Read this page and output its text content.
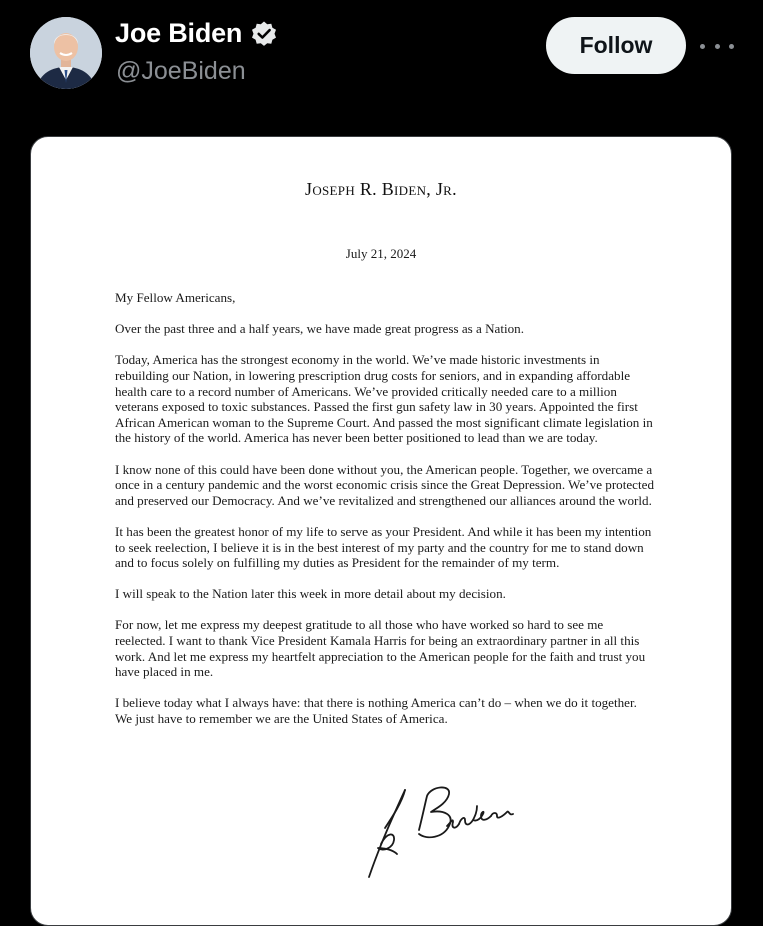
Joe Biden
@JoeBiden
Follow
Joseph R. Biden, Jr.
July 21, 2024

My Fellow Americans,

Over the past three and a half years, we have made great progress as a Nation.

Today, America has the strongest economy in the world. We’ve made historic investments in rebuilding our Nation, in lowering prescription drug costs for seniors, and in expanding affordable health care to a record number of Americans. We’ve provided critically needed care to a million veterans exposed to toxic substances. Passed the first gun safety law in 30 years. Appointed the first African American woman to the Supreme Court. And passed the most significant climate legislation in the history of the world. America has never been better positioned to lead than we are today.

I know none of this could have been done without you, the American people. Together, we overcame a once in a century pandemic and the worst economic crisis since the Great Depression. We’ve protected and preserved our Democracy. And we’ve revitalized and strengthened our alliances around the world.

It has been the greatest honor of my life to serve as your President. And while it has been my intention to seek reelection, I believe it is in the best interest of my party and the country for me to stand down and to focus solely on fulfilling my duties as President for the remainder of my term.

I will speak to the Nation later this week in more detail about my decision.

For now, let me express my deepest gratitude to all those who have worked so hard to see me reelected. I want to thank Vice President Kamala Harris for being an extraordinary partner in all this work. And let me express my heartfelt appreciation to the American people for the faith and trust you have placed in me.

I believe today what I always have: that there is nothing America can’t do – when we do it together. We just have to remember we are the United States of America.
